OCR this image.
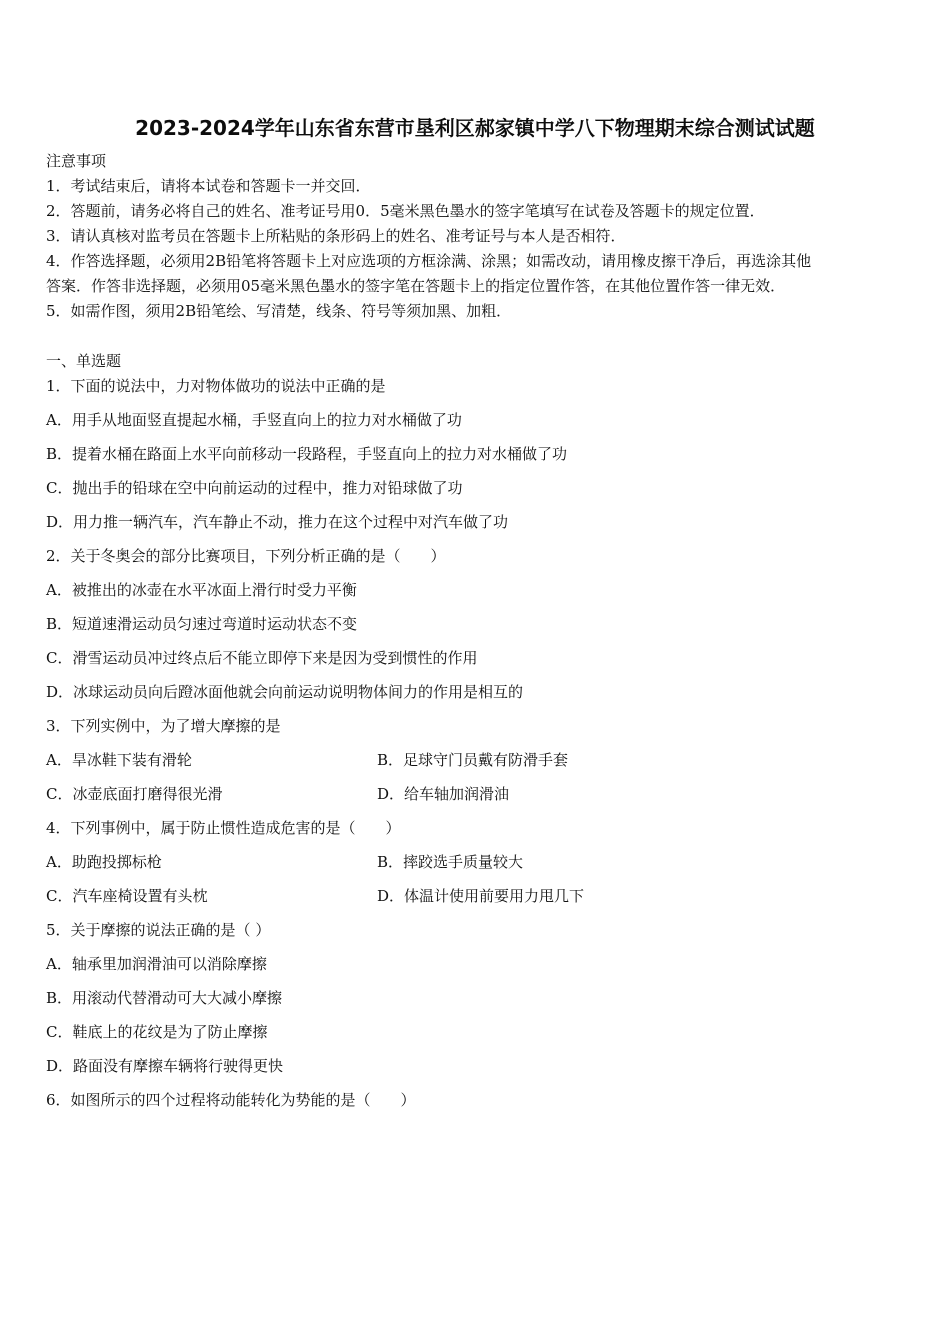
2023-2024学年山东省东营市垦利区郝家镇中学八下物理期末综合测试试题
注意事项
1．考试结束后，请将本试卷和答题卡一并交回．
2．答题前，请务必将自己的姓名、准考证号用0．5毫米黑色墨水的签字笔填写在试卷及答题卡的规定位置．
3．请认真核对监考员在答题卡上所粘贴的条形码上的姓名、准考证号与本人是否相符．
4．作答选择题，必须用2B铅笔将答题卡上对应选项的方框涂满、涂黑；如需改动，请用橡皮擦干净后，再选涂其他
答案．作答非选择题，必须用05毫米黑色墨水的签字笔在答题卡上的指定位置作答，在其他位置作答一律无效．
5．如需作图，须用2B铅笔绘、写清楚，线条、符号等须加黑、加粗．
一、单选题
1．下面的说法中，力对物体做功的说法中正确的是
A．用手从地面竖直提起水桶，手竖直向上的拉力对水桶做了功
B．提着水桶在路面上水平向前移动一段路程，手竖直向上的拉力对水桶做了功
C．抛出手的铅球在空中向前运动的过程中，推力对铅球做了功
D．用力推一辆汽车，汽车静止不动，推力在这个过程中对汽车做了功
2．关于冬奥会的部分比赛项目，下列分析正确的是（　　）
A．被推出的冰壶在水平冰面上滑行时受力平衡
B．短道速滑运动员匀速过弯道时运动状态不变
C．滑雪运动员冲过终点后不能立即停下来是因为受到惯性的作用
D．冰球运动员向后蹬冰面他就会向前运动说明物体间力的作用是相互的
3．下列实例中，为了增大摩擦的是
A．旱冰鞋下装有滑轮	B．足球守门员戴有防滑手套
C．冰壶底面打磨得很光滑	D．给车轴加润滑油
4．下列事例中，属于防止惯性造成危害的是（　　）
A．助跑投掷标枪	B．摔跤选手质量较大
C．汽车座椅设置有头枕	D．体温计使用前要用力甩几下
5．关于摩擦的说法正确的是（ ）
A．轴承里加润滑油可以消除摩擦
B．用滚动代替滑动可大大减小摩擦
C．鞋底上的花纹是为了防止摩擦
D．路面没有摩擦车辆将行驶得更快
6．如图所示的四个过程将动能转化为势能的是（　　）
